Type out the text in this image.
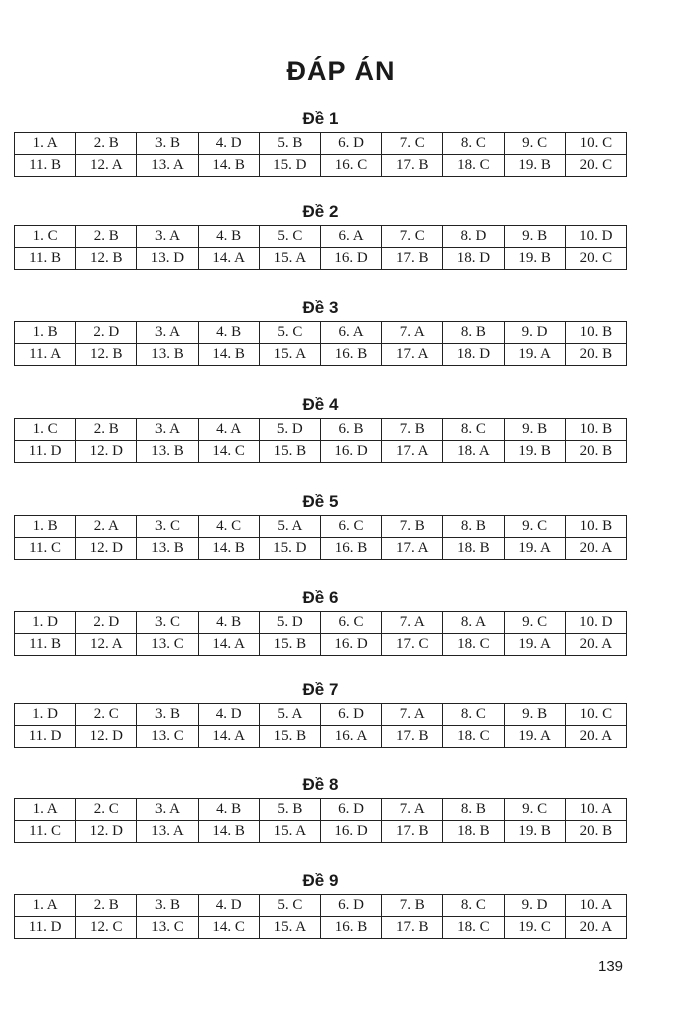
ĐÁP ÁN
Đề 1
1. A	2. B	3. B	4. D	5. B	6. D	7. C	8. C	9. C	10. C
11. B	12. A	13. A	14. B	15. D	16. C	17. B	18. C	19. B	20. C
Đề 2
1. C	2. B	3. A	4. B	5. C	6. A	7. C	8. D	9. B	10. D
11. B	12. B	13. D	14. A	15. A	16. D	17. B	18. D	19. B	20. C
Đề 3
1. B	2. D	3. A	4. B	5. C	6. A	7. A	8. B	9. D	10. B
11. A	12. B	13. B	14. B	15. A	16. B	17. A	18. D	19. A	20. B
Đề 4
1. C	2. B	3. A	4. A	5. D	6. B	7. B	8. C	9. B	10. B
11. D	12. D	13. B	14. C	15. B	16. D	17. A	18. A	19. B	20. B
Đề 5
1. B	2. A	3. C	4. C	5. A	6. C	7. B	8. B	9. C	10. B
11. C	12. D	13. B	14. B	15. D	16. B	17. A	18. B	19. A	20. A
Đề 6
1. D	2. D	3. C	4. B	5. D	6. C	7. A	8. A	9. C	10. D
11. B	12. A	13. C	14. A	15. B	16. D	17. C	18. C	19. A	20. A
Đề 7
1. D	2. C	3. B	4. D	5. A	6. D	7. A	8. C	9. B	10. C
11. D	12. D	13. C	14. A	15. B	16. A	17. B	18. C	19. A	20. A
Đề 8
1. A	2. C	3. A	4. B	5. B	6. D	7. A	8. B	9. C	10. A
11. C	12. D	13. A	14. B	15. A	16. D	17. B	18. B	19. B	20. B
Đề 9
1. A	2. B	3. B	4. D	5. C	6. D	7. B	8. C	9. D	10. A
11. D	12. C	13. C	14. C	15. A	16. B	17. B	18. C	19. C	20. A
139
